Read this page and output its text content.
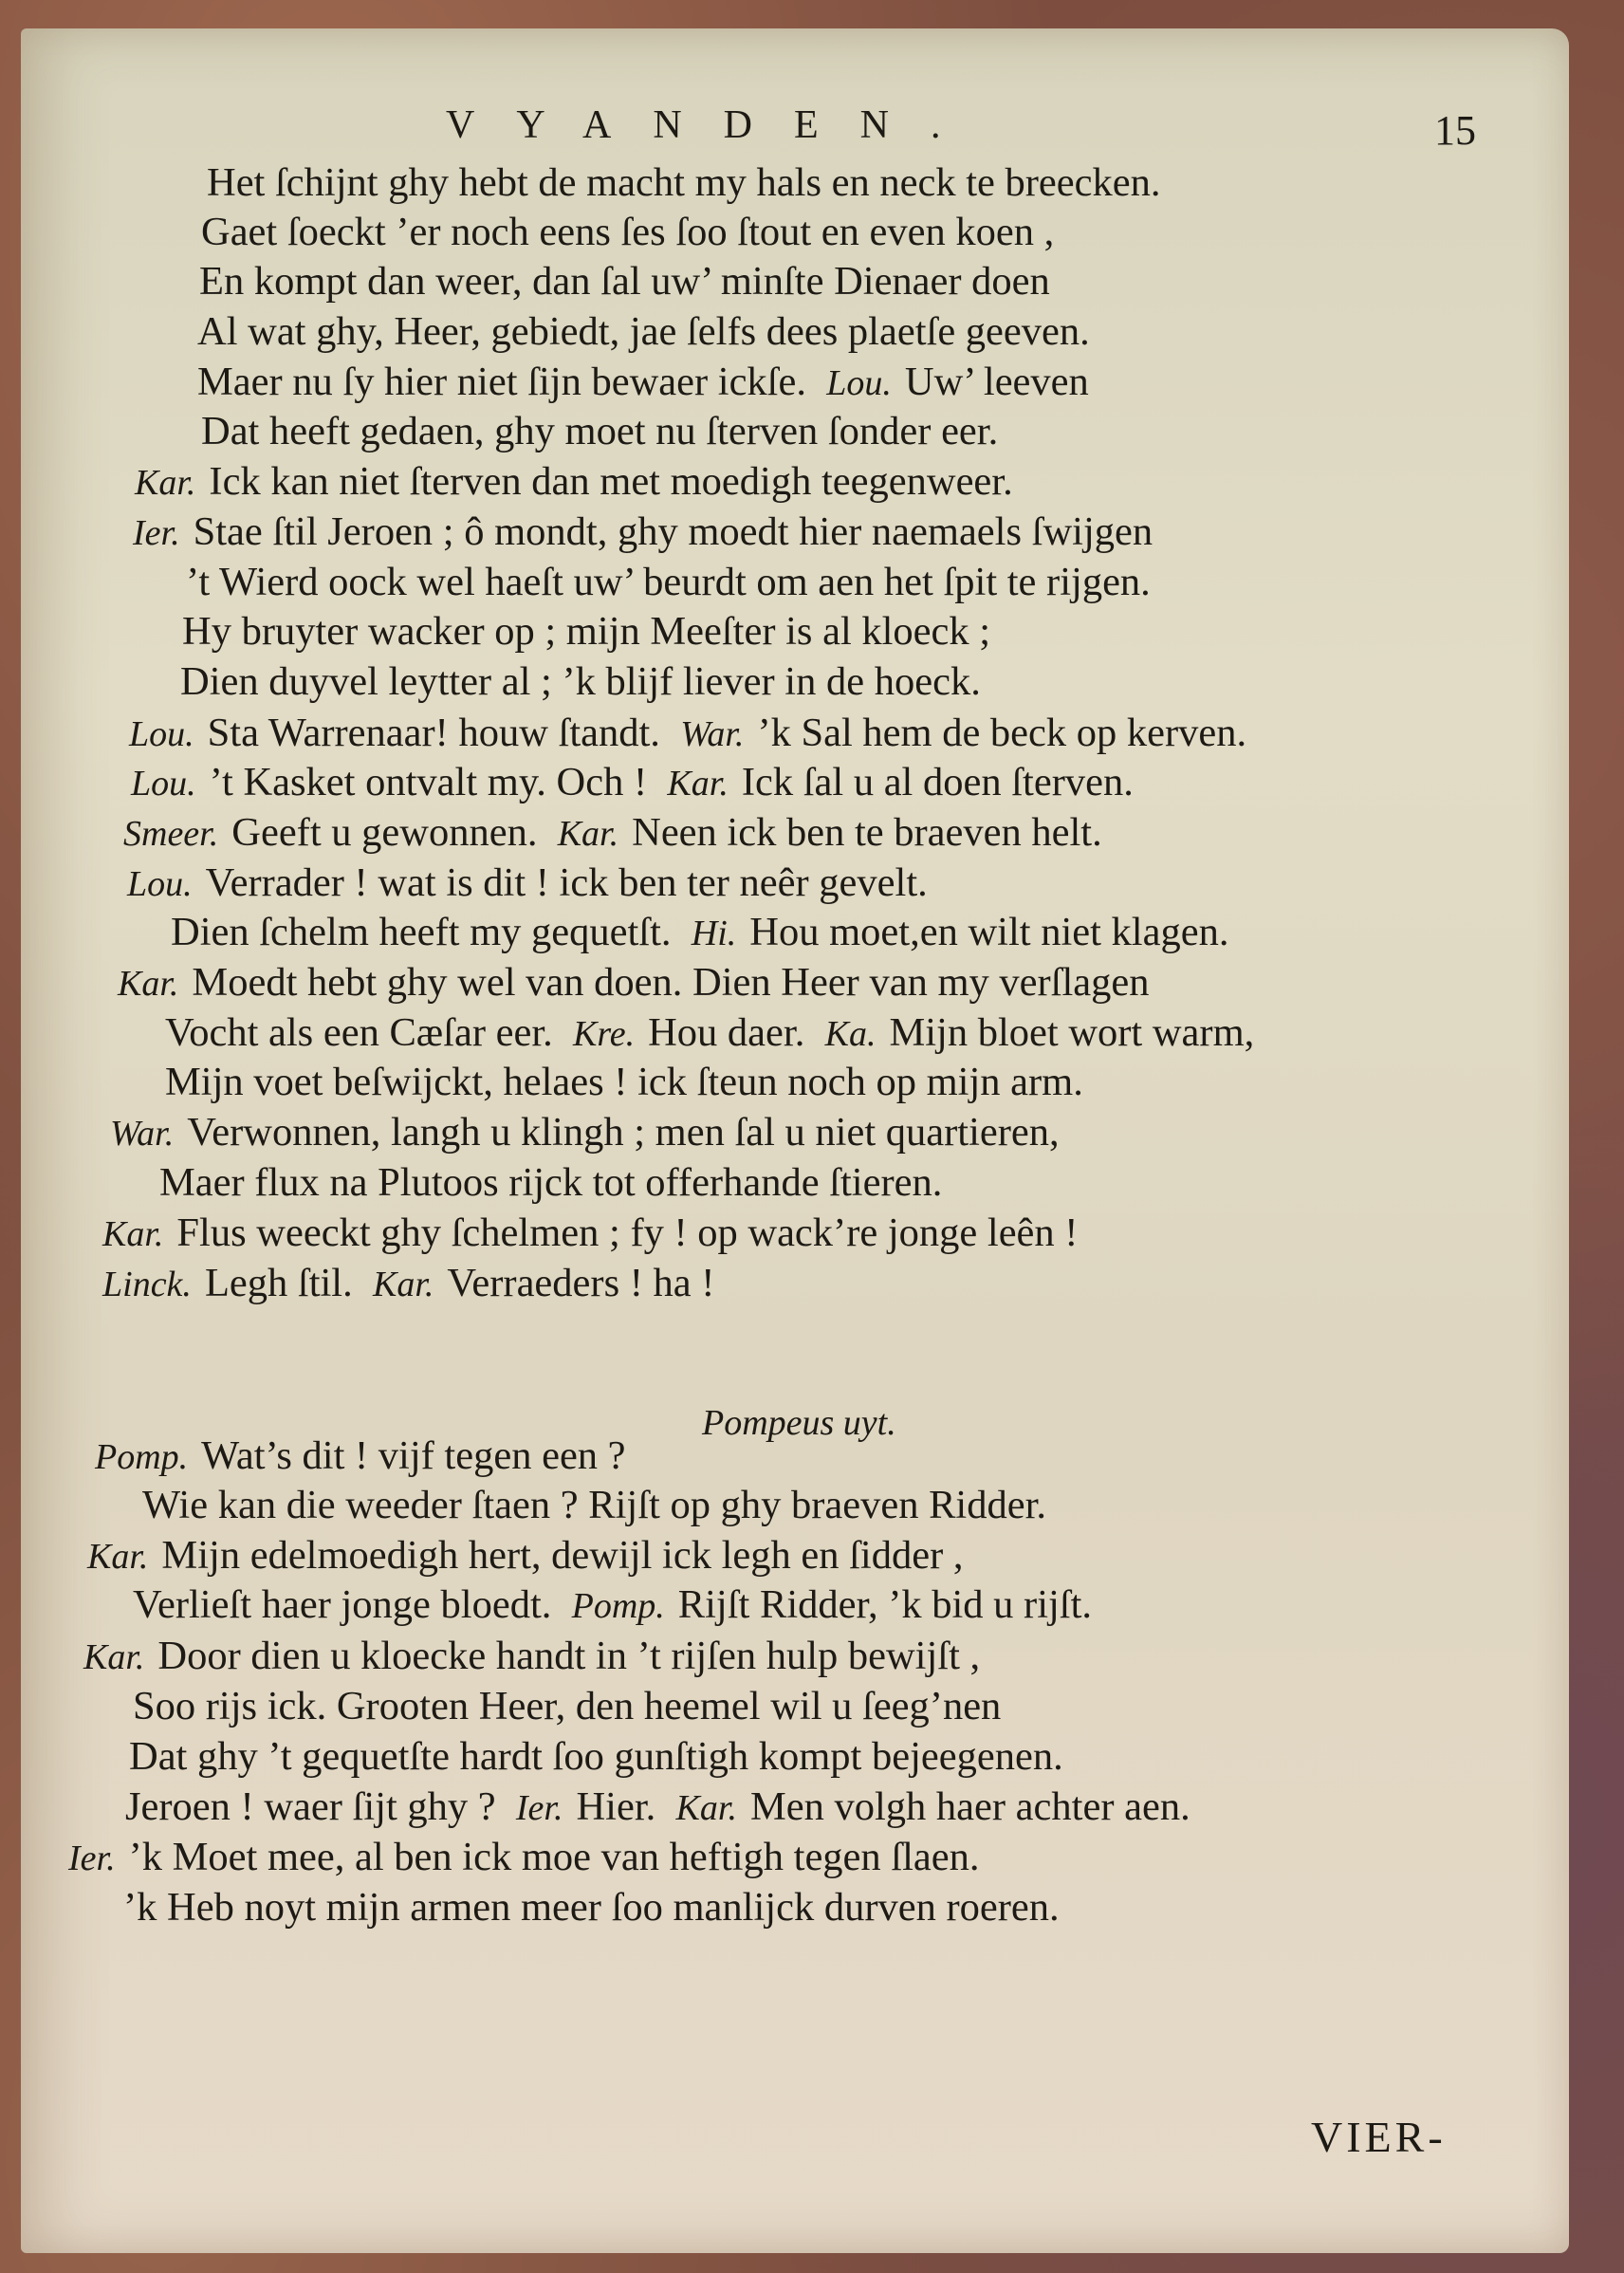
VYANDEN.	15
Het ſchijnt ghy hebt de macht my hals en neck te breecken. 
Gaet ſoeckt ’er noch eens ſes ſoo ſtout en even koen , 
En kompt dan weer, dan ſal uw’ minſte Dienaer doen 
Al wat ghy, Heer, gebiedt, jae ſelfs dees plaetſe geeven. 
Maer nu ſy hier niet ſijn bewaer ickſe.  Lou. Uw’ leeven 
Dat heeft gedaen, ghy moet nu ſterven ſonder eer. 
Kar. Ick kan niet ſterven dan met moedigh teegenweer. 
Ier. Stae ſtil Jeroen ; ô mondt, ghy moedt hier naemaels ſwijgen 
’t Wierd oock wel haeſt uw’ beurdt om aen het ſpit te rijgen. 
Hy bruyter wacker op ; mijn Meeſter is al kloeck ; 
Dien duyvel leytter al ; ’k blijf liever in de hoeck. 
Lou. Sta Warrenaar! houw ſtandt.  War. ’k Sal hem de beck op kerven. 
Lou. ’t Kasket ontvalt my. Och !  Kar. Ick ſal u al doen ſterven. 
Smeer. Geeft u gewonnen.  Kar. Neen ick ben te braeven helt. 
Lou. Verrader ! wat is dit ! ick ben ter neêr gevelt. 
Dien ſchelm heeft my gequetſt.  Hi. Hou moet,en wilt niet klagen. 
Kar. Moedt hebt ghy wel van doen. Dien Heer van my verſlagen 
Vocht als een Cæſar eer.  Kre. Hou daer.  Ka. Mijn bloet wort warm,
Mijn voet beſwijckt, helaes ! ick ſteun noch op mijn arm. 
War. Verwonnen, langh u klingh ; men ſal u niet quartieren, 
Maer flux na Plutoos rijck tot offerhande ſtieren. 
Kar. Flus weeckt ghy ſchelmen ; fy ! op wack’re jonge leên ! 
Linck. Legh ſtil.  Kar. Verraeders ! ha ! 
Pomp. Wat’s dit ! vijf tegen een ? 
Wie kan die weeder ſtaen ? Rijſt op ghy braeven Ridder. 
Kar. Mijn edelmoedigh hert, dewijl ick legh en ſidder , 
Verlieſt haer jonge bloedt.  Pomp. Rijſt Ridder, ’k bid u rijſt. 
Kar. Door dien u kloecke handt in ’t rijſen hulp bewijſt , 
Soo rijs ick. Grooten Heer, den heemel wil u ſeeg’nen 
Dat ghy ’t gequetſte hardt ſoo gunſtigh kompt bejeegenen. 
Jeroen ! waer ſijt ghy ?  Ier. Hier.  Kar. Men volgh haer achter aen.
Ier. ’k Moet mee, al ben ick moe van heftigh tegen ſlaen. 
’k Heb noyt mijn armen meer ſoo manlijck durven roeren. 
Pompeus uyt.
VIER-
